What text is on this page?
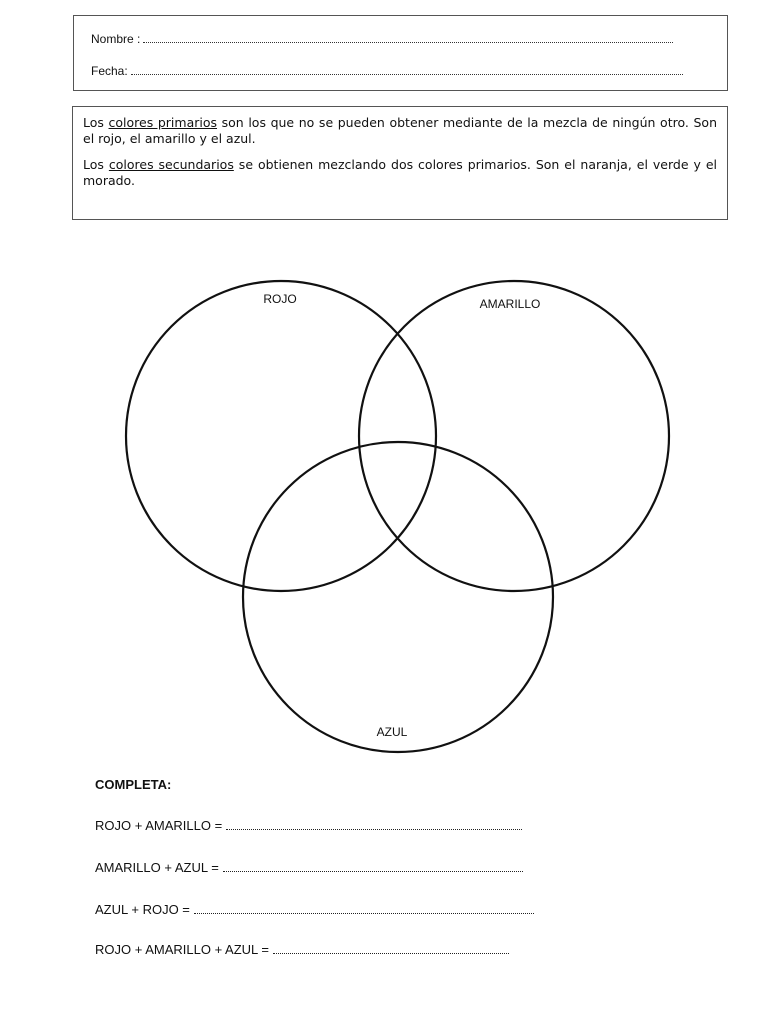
Nombre :
Fecha:

Los colores primarios son los que no se pueden obtener mediante de la mezcla de ningún otro. Son el rojo, el amarillo y el azul.

Los colores secundarios se obtienen mezclando dos colores primarios. Son el naranja, el verde y el morado.

ROJO	AMARILLO
AZUL
COMPLETA:
ROJO + AMARILLO =
AMARILLO + AZUL =
AZUL + ROJO =
ROJO + AMARILLO + AZUL =
